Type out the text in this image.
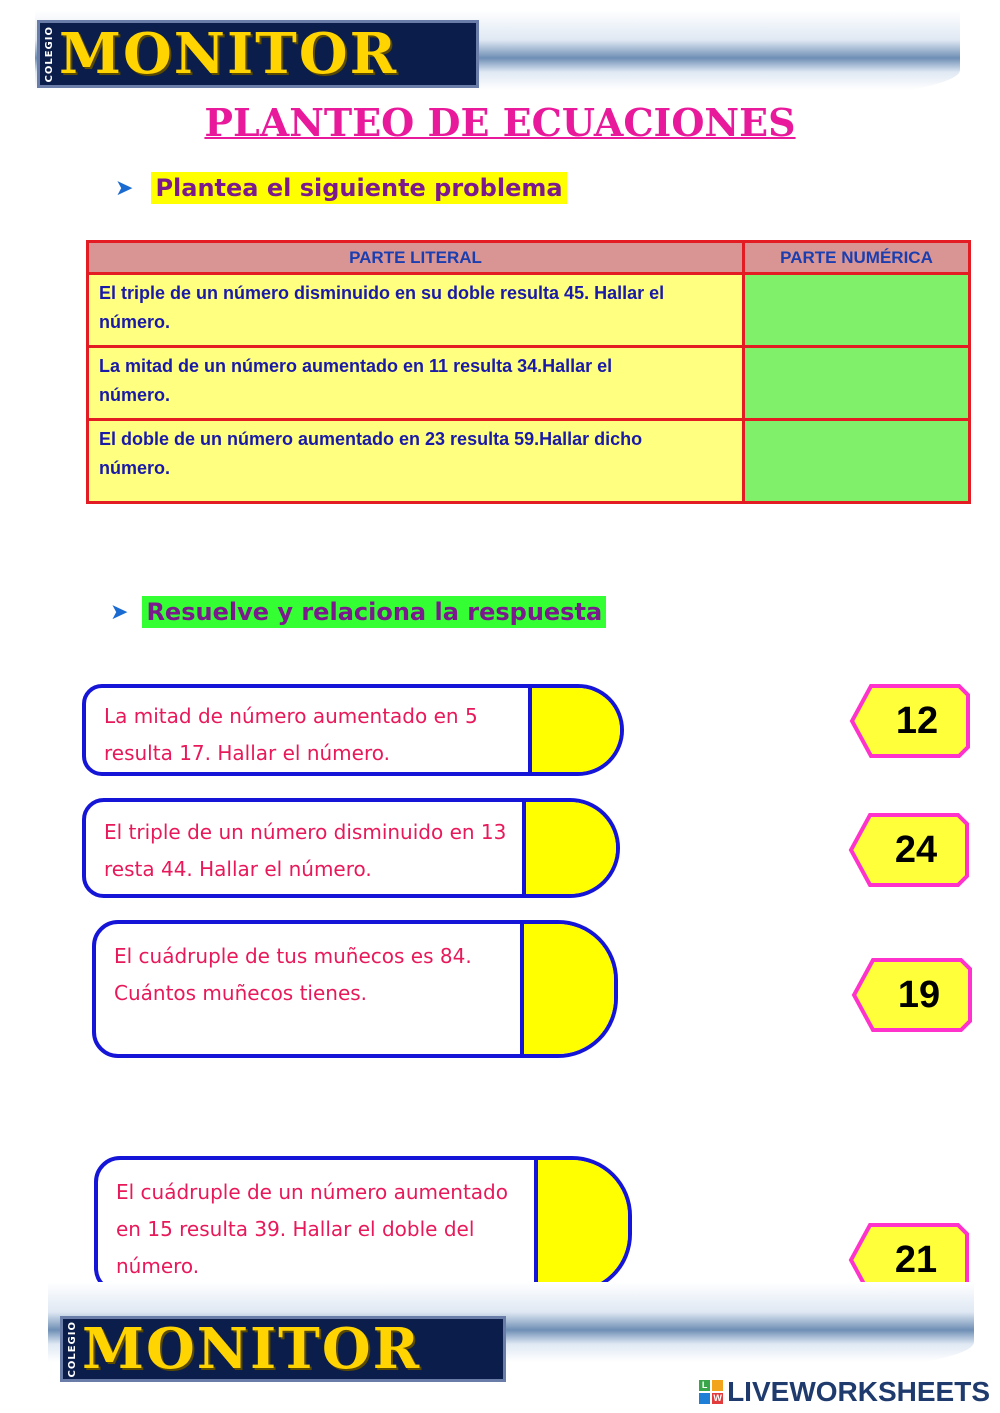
COLEGIO MONITOR
PLANTEO DE ECUACIONES
➤ Plantea el siguiente problema
PARTE LITERAL	PARTE NUMÉRICA
El triple de un número disminuido en su doble resulta 45. Hallar el número.	
La mitad de un número aumentado en 11 resulta 34.Hallar el número.	
El doble de un número aumentado en 23 resulta 59.Hallar dicho número.	
➤ Resuelve y relaciona la respuesta
La mitad de número aumentado en 5 resulta 17. Hallar el número.
El triple de un número disminuido en 13 resta 44. Hallar el número.
El cuádruple de tus muñecos es 84. Cuántos muñecos tienes.
El cuádruple de un número aumentado en 15 resulta 39. Hallar el doble del número.
12
24
19
21
COLEGIO MONITOR
L
W LIVEWORKSHEETS
